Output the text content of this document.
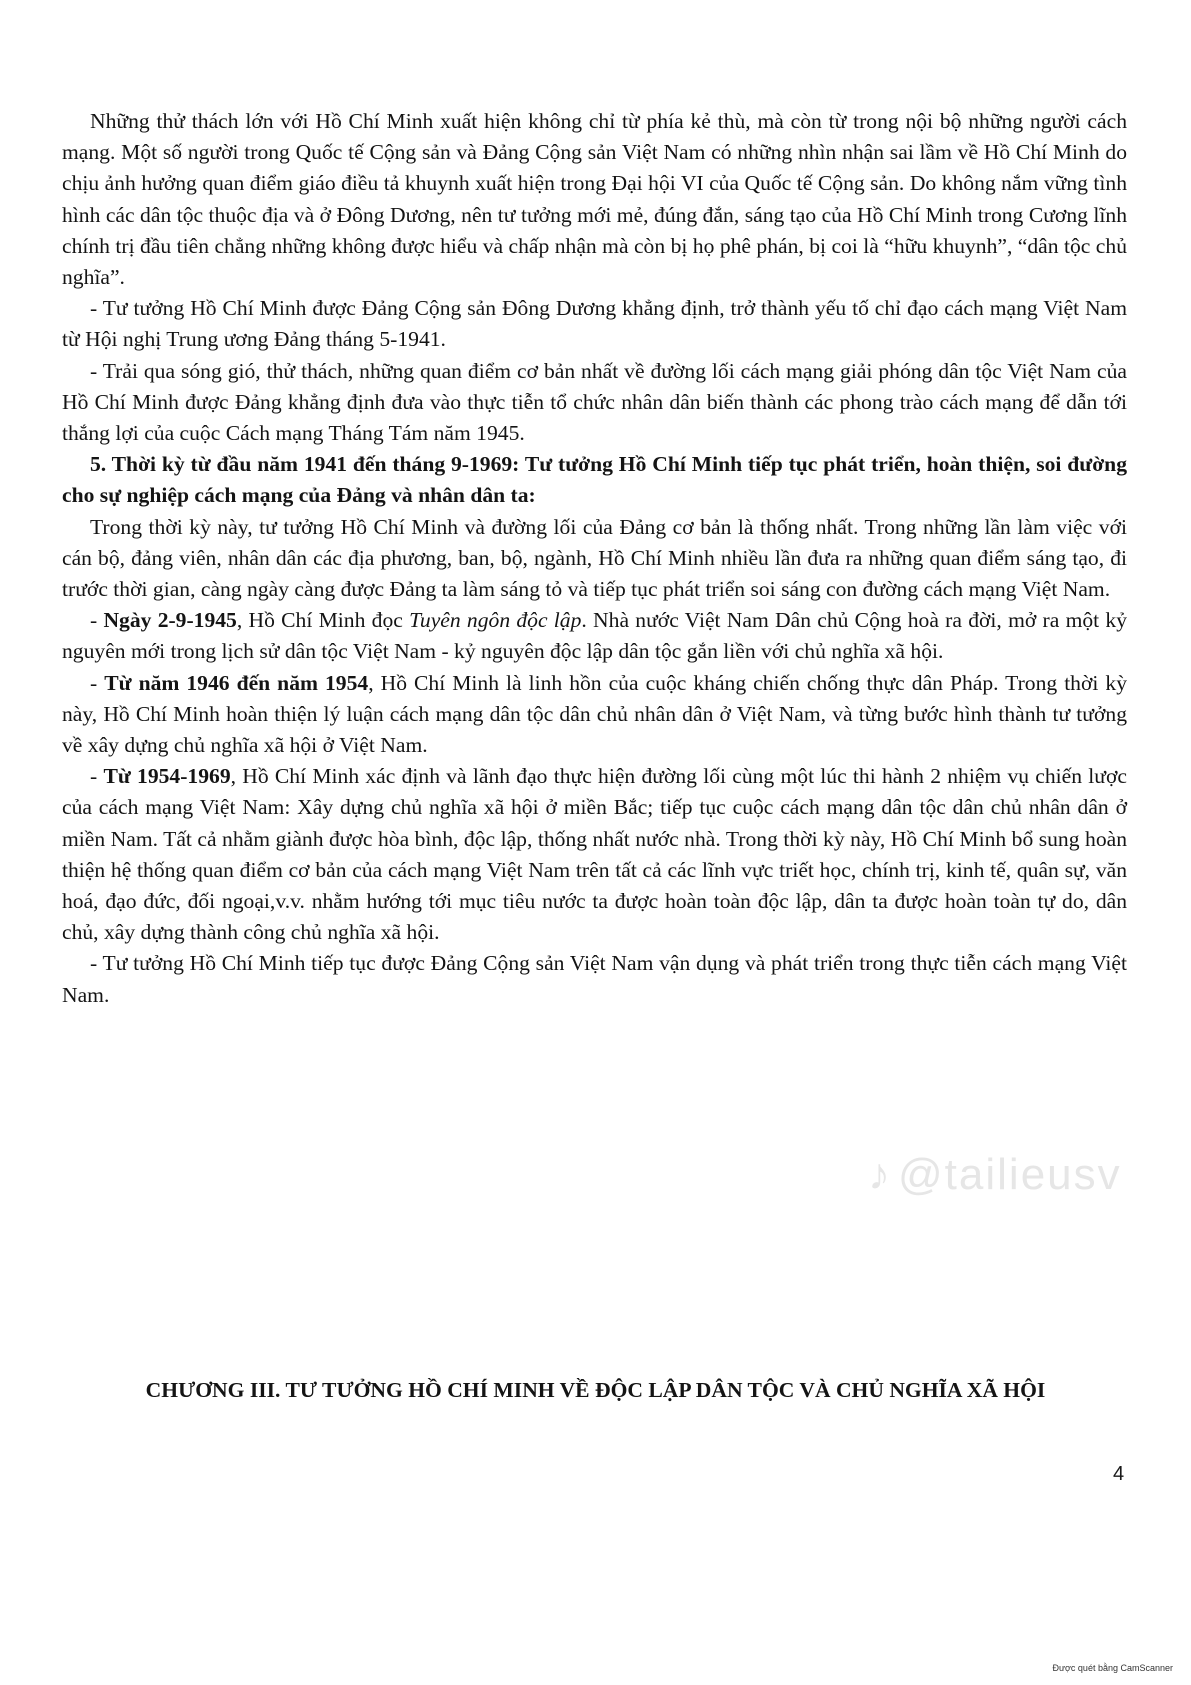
Những thử thách lớn với Hồ Chí Minh xuất hiện không chỉ từ phía kẻ thù, mà còn từ trong nội bộ những người cách mạng. Một số người trong Quốc tế Cộng sản và Đảng Cộng sản Việt Nam có những nhìn nhận sai lầm về Hồ Chí Minh do chịu ảnh hưởng quan điểm giáo điều tả khuynh xuất hiện trong Đại hội VI của Quốc tế Cộng sản. Do không nắm vững tình hình các dân tộc thuộc địa và ở Đông Dương, nên tư tưởng mới mẻ, đúng đắn, sáng tạo của Hồ Chí Minh trong Cương lĩnh chính trị đầu tiên chẳng những không được hiểu và chấp nhận mà còn bị họ phê phán, bị coi là “hữu khuynh”, “dân tộc chủ nghĩa”.

- Tư tưởng Hồ Chí Minh được Đảng Cộng sản Đông Dương khẳng định, trở thành yếu tố chỉ đạo cách mạng Việt Nam từ Hội nghị Trung ương Đảng tháng 5-1941.

- Trải qua sóng gió, thử thách, những quan điểm cơ bản nhất về đường lối cách mạng giải phóng dân tộc Việt Nam của Hồ Chí Minh được Đảng khẳng định đưa vào thực tiễn tổ chức nhân dân biến thành các phong trào cách mạng để dẫn tới thắng lợi của cuộc Cách mạng Tháng Tám năm 1945.

5. Thời kỳ từ đầu năm 1941 đến tháng 9-1969: Tư tưởng Hồ Chí Minh tiếp tục phát triển, hoàn thiện, soi đường cho sự nghiệp cách mạng của Đảng và nhân dân ta:

Trong thời kỳ này, tư tưởng Hồ Chí Minh và đường lối của Đảng cơ bản là thống nhất. Trong những lần làm việc với cán bộ, đảng viên, nhân dân các địa phương, ban, bộ, ngành, Hồ Chí Minh nhiều lần đưa ra những quan điểm sáng tạo, đi trước thời gian, càng ngày càng được Đảng ta làm sáng tỏ và tiếp tục phát triển soi sáng con đường cách mạng Việt Nam.

- Ngày 2-9-1945, Hồ Chí Minh đọc Tuyên ngôn độc lập. Nhà nước Việt Nam Dân chủ Cộng hoà ra đời, mở ra một kỷ nguyên mới trong lịch sử dân tộc Việt Nam - kỷ nguyên độc lập dân tộc gắn liền với chủ nghĩa xã hội.

- Từ năm 1946 đến năm 1954, Hồ Chí Minh là linh hồn của cuộc kháng chiến chống thực dân Pháp. Trong thời kỳ này, Hồ Chí Minh hoàn thiện lý luận cách mạng dân tộc dân chủ nhân dân ở Việt Nam, và từng bước hình thành tư tưởng về xây dựng chủ nghĩa xã hội ở Việt Nam.

- Từ 1954-1969, Hồ Chí Minh xác định và lãnh đạo thực hiện đường lối cùng một lúc thi hành 2 nhiệm vụ chiến lược của cách mạng Việt Nam: Xây dựng chủ nghĩa xã hội ở miền Bắc; tiếp tục cuộc cách mạng dân tộc dân chủ nhân dân ở miền Nam. Tất cả nhằm giành được hòa bình, độc lập, thống nhất nước nhà. Trong thời kỳ này, Hồ Chí Minh bổ sung hoàn thiện hệ thống quan điểm cơ bản của cách mạng Việt Nam trên tất cả các lĩnh vực triết học, chính trị, kinh tế, quân sự, văn hoá, đạo đức, đối ngoại,v.v. nhằm hướng tới mục tiêu nước ta được hoàn toàn độc lập, dân ta được hoàn toàn tự do, dân chủ, xây dựng thành công chủ nghĩa xã hội.

- Tư tưởng Hồ Chí Minh tiếp tục được Đảng Cộng sản Việt Nam vận dụng và phát triển trong thực tiễn cách mạng Việt Nam.

♪ @tailieusv
CHƯƠNG III. TƯ TƯỞNG HỒ CHÍ MINH VỀ ĐỘC LẬP DÂN TỘC VÀ CHỦ NGHĨA XÃ HỘI
4
Được quét bằng CamScanner
